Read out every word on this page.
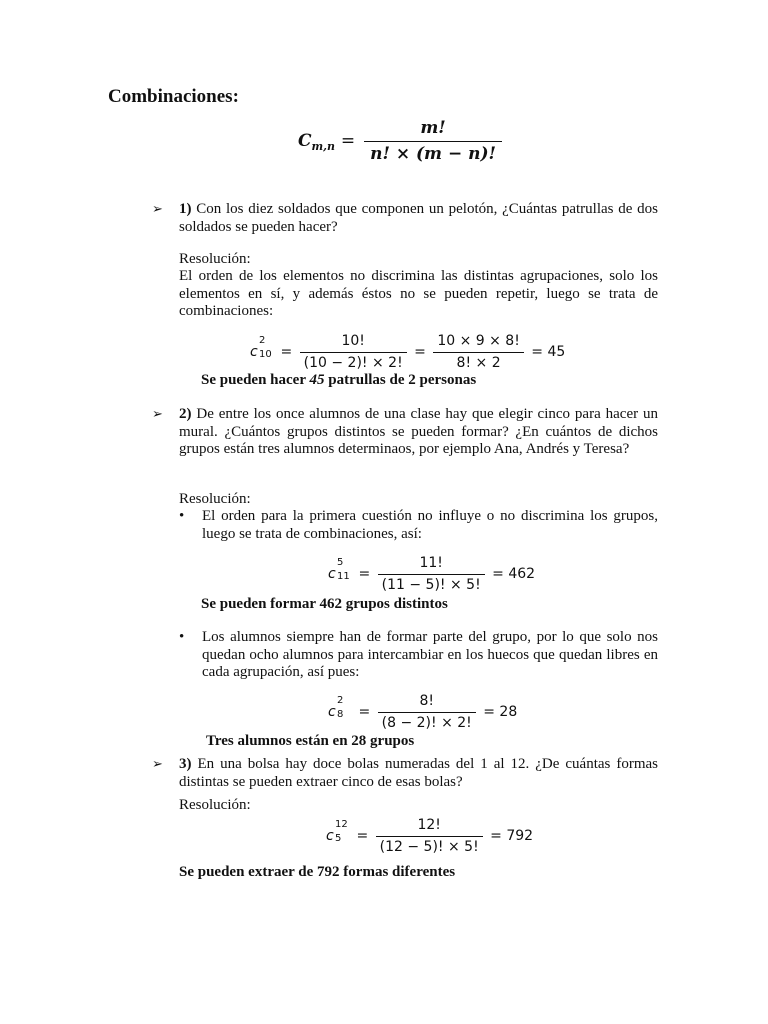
Combinaciones:
$C_{m,n} = \frac{m!}{n! \times (m - n)!}$
➢ 1) Con los diez soldados que componen un pelotón, ¿Cuántas patrullas de dos soldados se pueden hacer?
Resolución:
El orden de los elementos no discrimina las distintas agrupaciones, solo los elementos en sí, y además éstos no se pueden repetir, luego se trata de combinaciones:
c
2
$10 = \frac{10!}{(10 - 2)! \times 2!} = \frac{10 \times 9 \times 8!}{8! \times 2} = 45$
Se pueden hacer 45 patrullas de 2 personas
➢ 2) De entre los once alumnos de una clase hay que elegir cinco para hacer un mural. ¿Cuántos grupos distintos se pueden formar? ¿En cuántos de dichos grupos están tres alumnos determinaos, por ejemplo Ana, Andrés y Teresa?
Resolución:
• El orden para la primera cuestión no influye o no discrimina los grupos, luego se trata de combinaciones, así:
c
5
$11 = \frac{11!}{(11 - 5)! \times 5!} = 462$
Se pueden formar 462 grupos distintos
• Los alumnos siempre han de formar parte del grupo, por lo que solo nos quedan ocho alumnos para intercambiar en los huecos que quedan libres en cada agrupación, así pues:
c
2
$8 = \frac{8!}{(8 - 2)! \times 2!} = 28$
Tres alumnos están en 28 grupos
➢ 3) En una bolsa hay doce bolas numeradas del 1 al 12. ¿De cuántas formas distintas se pueden extraer cinco de esas bolas?
Resolución:
c
12
$5 = \frac{12!}{(12 - 5)! \times 5!} = 792$
Se pueden extraer de 792 formas diferentes
